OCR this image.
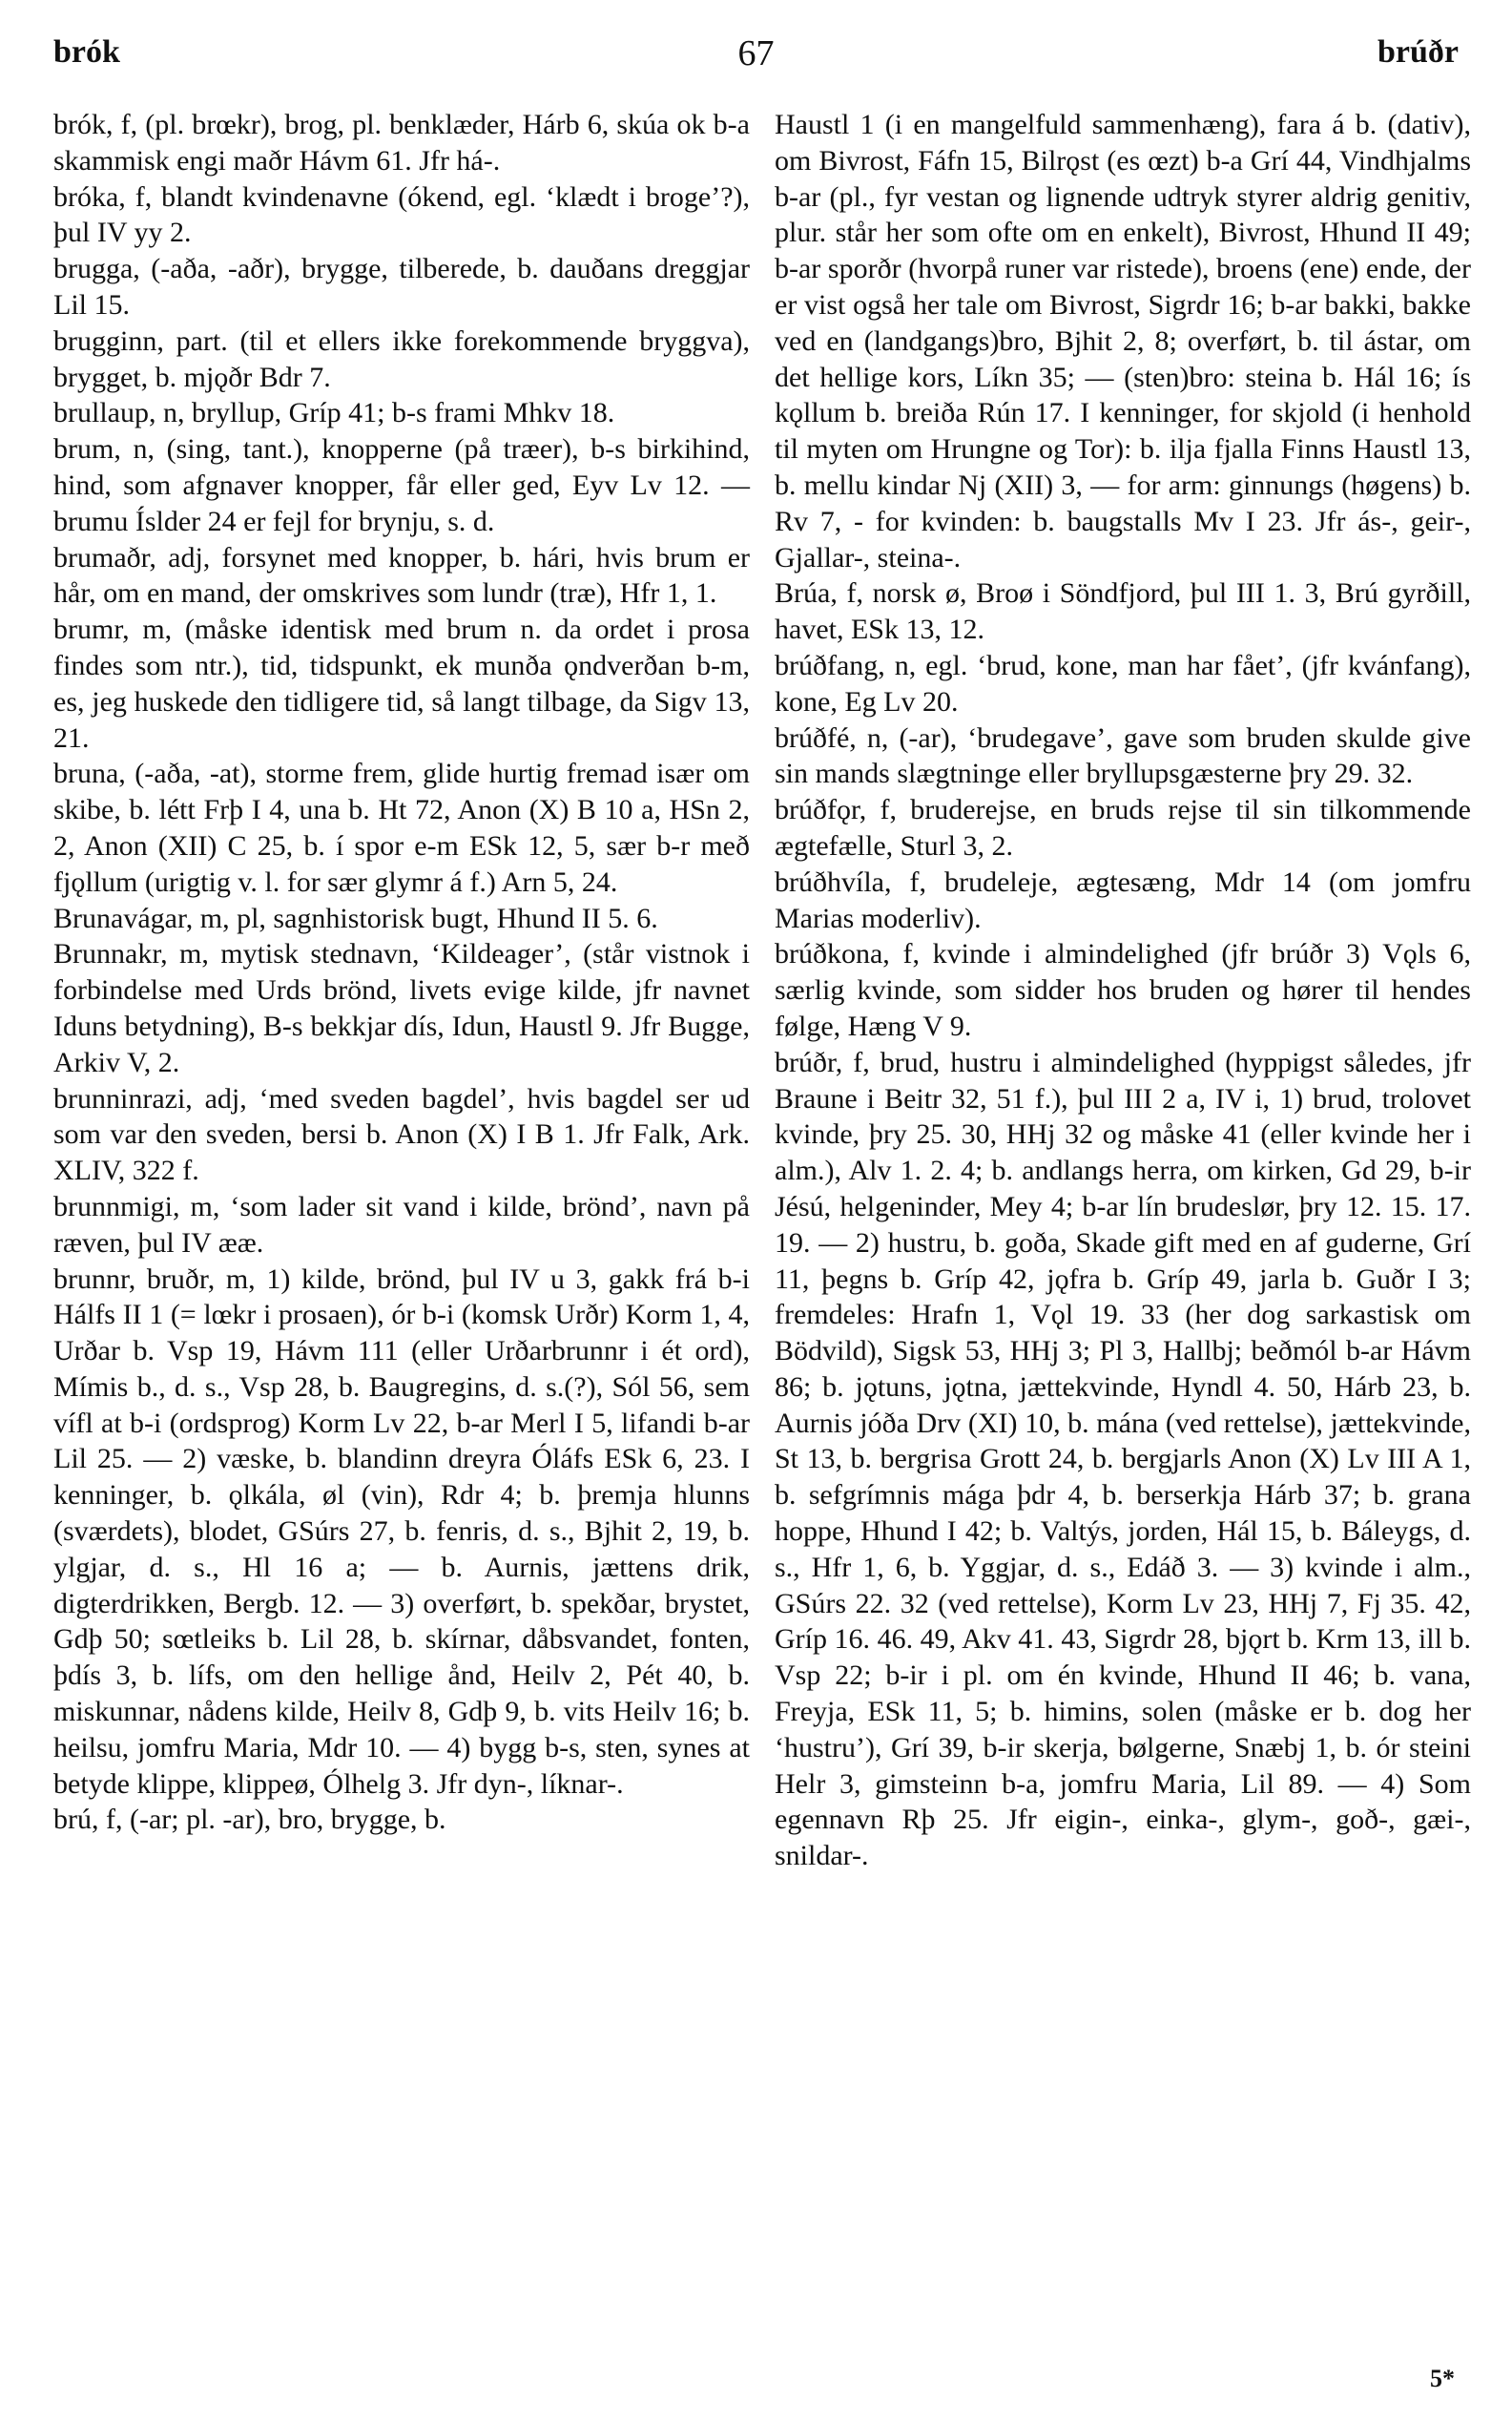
brók	67	brúðr

brók, f, (pl. brœkr), brog, pl. benklæder, Hárb 6, skúa ok b-a skammisk engi maðr Hávm 61. Jfr há-.

bróka, f, blandt kvindenavne (ókend, egl. ‘klædt i broge’?), þul IV yy 2.

brugga, (-aða, -aðr), brygge, tilberede, b. dauðans dreggjar Lil 15.

brugginn, part. (til et ellers ikke forekommende bryggva), brygget, b. mjǫðr Bdr 7.

brullaup, n, bryllup, Gríp 41; b-s frami Mhkv 18.

brum, n, (sing, tant.), knopperne (på træer), b-s birkihind, hind, som afgnaver knopper, får eller ged, Eyv Lv 12. — brumu Íslder 24 er fejl for brynju, s. d.

brumaðr, adj, forsynet med knopper, b. hári, hvis brum er hår, om en mand, der omskrives som lundr (træ), Hfr 1, 1.

brumr, m, (måske identisk med brum n. da ordet i prosa findes som ntr.), tid, tidspunkt, ek munða ǫndverðan b-m, es, jeg huskede den tidligere tid, så langt tilbage, da Sigv 13, 21.

bruna, (-aða, -at), storme frem, glide hurtig fremad især om skibe, b. létt Frþ I 4, una b. Ht 72, Anon (X) B 10 a, HSn 2, 2, Anon (XII) C 25, b. í spor e-m ESk 12, 5, sær b-r með fjǫllum (urigtig v. l. for sær glymr á f.) Arn 5, 24.

Brunavágar, m, pl, sagnhistorisk bugt, Hhund II 5. 6.

Brunnakr, m, mytisk stednavn, ‘Kildeager’, (står vistnok i forbindelse med Urds brönd, livets evige kilde, jfr navnet Iduns betydning), B-s bekkjar dís, Idun, Haustl 9. Jfr Bugge, Arkiv V, 2.

brunninrazi, adj, ‘med sveden bagdel’, hvis bagdel ser ud som var den sveden, bersi b. Anon (X) I B 1. Jfr Falk, Ark. XLIV, 322 f.

brunnmigi, m, ‘som lader sit vand i kilde, brönd’, navn på ræven, þul IV ææ.

brunnr, bruðr, m, 1) kilde, brönd, þul IV u 3, gakk frá b-i Hálfs II 1 (= lœkr i prosaen), ór b-i (komsk Urðr) Korm 1, 4, Urðar b. Vsp 19, Hávm 111 (eller Urðarbrunnr i ét ord), Mímis b., d. s., Vsp 28, b. Baugregins, d. s.(?), Sól 56, sem vífl at b-i (ordsprog) Korm Lv 22, b-ar Merl I 5, lifandi b-ar Lil 25. — 2) væske, b. blandinn dreyra Óláfs ESk 6, 23. I kenninger, b. ǫlkála, øl (vin), Rdr 4; b. þremja hlunns (sværdets), blodet, GSúrs 27, b. fenris, d. s., Bjhit 2, 19, b. ylgjar, d. s., Hl 16 a; — b. Aurnis, jættens drik, digterdrikken, Bergb. 12. — 3) overført, b. spekðar, brystet, Gdþ 50; sœtleiks b. Lil 28, b. skírnar, dåbsvandet, fonten, þdís 3, b. lífs, om den hellige ånd, Heilv 2, Pét 40, b. miskunnar, nådens kilde, Heilv 8, Gdþ 9, b. vits Heilv 16; b. heilsu, jomfru Maria, Mdr 10. — 4) bygg b-s, sten, synes at betyde klippe, klippeø, Ólhelg 3. Jfr dyn-, líknar-.

brú, f, (-ar; pl. -ar), bro, brygge, b.

Haustl 1 (i en mangelfuld sammenhæng), fara á b. (dativ), om Bivrost, Fáfn 15, Bilrǫst (es œzt) b-a Grí 44, Vindhjalms b-ar (pl., fyr vestan og lignende udtryk styrer aldrig genitiv, plur. står her som ofte om en enkelt), Bivrost, Hhund II 49; b-ar sporðr (hvorpå runer var ristede), broens (ene) ende, der er vist også her tale om Bivrost, Sigrdr 16; b-ar bakki, bakke ved en (landgangs)bro, Bjhit 2, 8; overført, b. til ástar, om det hellige kors, Líkn 35; — (sten)bro: steina b. Hál 16; ís kǫllum b. breiða Rún 17. I kenninger, for skjold (i henhold til myten om Hrungne og Tor): b. ilja fjalla Finns Haustl 13, b. mellu kindar Nj (XII) 3, — for arm: ginnungs (høgens) b. Rv 7, - for kvinden: b. baugstalls Mv I 23. Jfr ás-, geir-, Gjallar-, steina-.

Brúa, f, norsk ø, Broø i Söndfjord, þul III 1. 3, Brú gyrðill, havet, ESk 13, 12.

brúðfang, n, egl. ‘brud, kone, man har fået’, (jfr kvánfang), kone, Eg Lv 20.

brúðfé, n, (-ar), ‘brudegave’, gave som bruden skulde give sin mands slægtninge eller bryllupsgæsterne þry 29. 32.

brúðfǫr, f, bruderejse, en bruds rejse til sin tilkommende ægtefælle, Sturl 3, 2.

brúðhvíla, f, brudeleje, ægtesæng, Mdr 14 (om jomfru Marias moderliv).

brúðkona, f, kvinde i almindelighed (jfr brúðr 3) Vǫls 6, særlig kvinde, som sidder hos bruden og hører til hendes følge, Hæng V 9.

brúðr, f, brud, hustru i almindelighed (hyppigst således, jfr Braune i Beitr 32, 51 f.), þul III 2 a, IV i, 1) brud, trolovet kvinde, þry 25. 30, HHj 32 og måske 41 (eller kvinde her i alm.), Alv 1. 2. 4; b. andlangs herra, om kirken, Gd 29, b-ir Jésú, helgeninder, Mey 4; b-ar lín brudeslør, þry 12. 15. 17. 19. — 2) hustru, b. goða, Skade gift med en af guderne, Grí 11, þegns b. Gríp 42, jǫfra b. Gríp 49, jarla b. Guðr I 3; fremdeles: Hrafn 1, Vǫl 19. 33 (her dog sarkastisk om Bödvild), Sigsk 53, HHj 3; Pl 3, Hallbj; beðmól b-ar Hávm 86; b. jǫtuns, jǫtna, jættekvinde, Hyndl 4. 50, Hárb 23, b. Aurnis jóða Drv (XI) 10, b. mána (ved rettelse), jættekvinde, St 13, b. bergrisa Grott 24, b. bergjarls Anon (X) Lv III A 1, b. sefgrímnis mága þdr 4, b. berserkja Hárb 37; b. grana hoppe, Hhund I 42; b. Valtýs, jorden, Hál 15, b. Báleygs, d. s., Hfr 1, 6, b. Yggjar, d. s., Edáð 3. — 3) kvinde i alm., GSúrs 22. 32 (ved rettelse), Korm Lv 23, HHj 7, Fj 35. 42, Gríp 16. 46. 49, Akv 41. 43, Sigrdr 28, bjǫrt b. Krm 13, ill b. Vsp 22; b-ir i pl. om én kvinde, Hhund II 46; b. vana, Freyja, ESk 11, 5; b. himins, solen (måske er b. dog her ‘hustru’), Grí 39, b-ir skerja, bølgerne, Snæbj 1, b. ór steini Helr 3, gimsteinn b-a, jomfru Maria, Lil 89. — 4) Som egennavn Rþ 25. Jfr eigin-, einka-, glym-, goð-, gæi-, snildar-.

5*
